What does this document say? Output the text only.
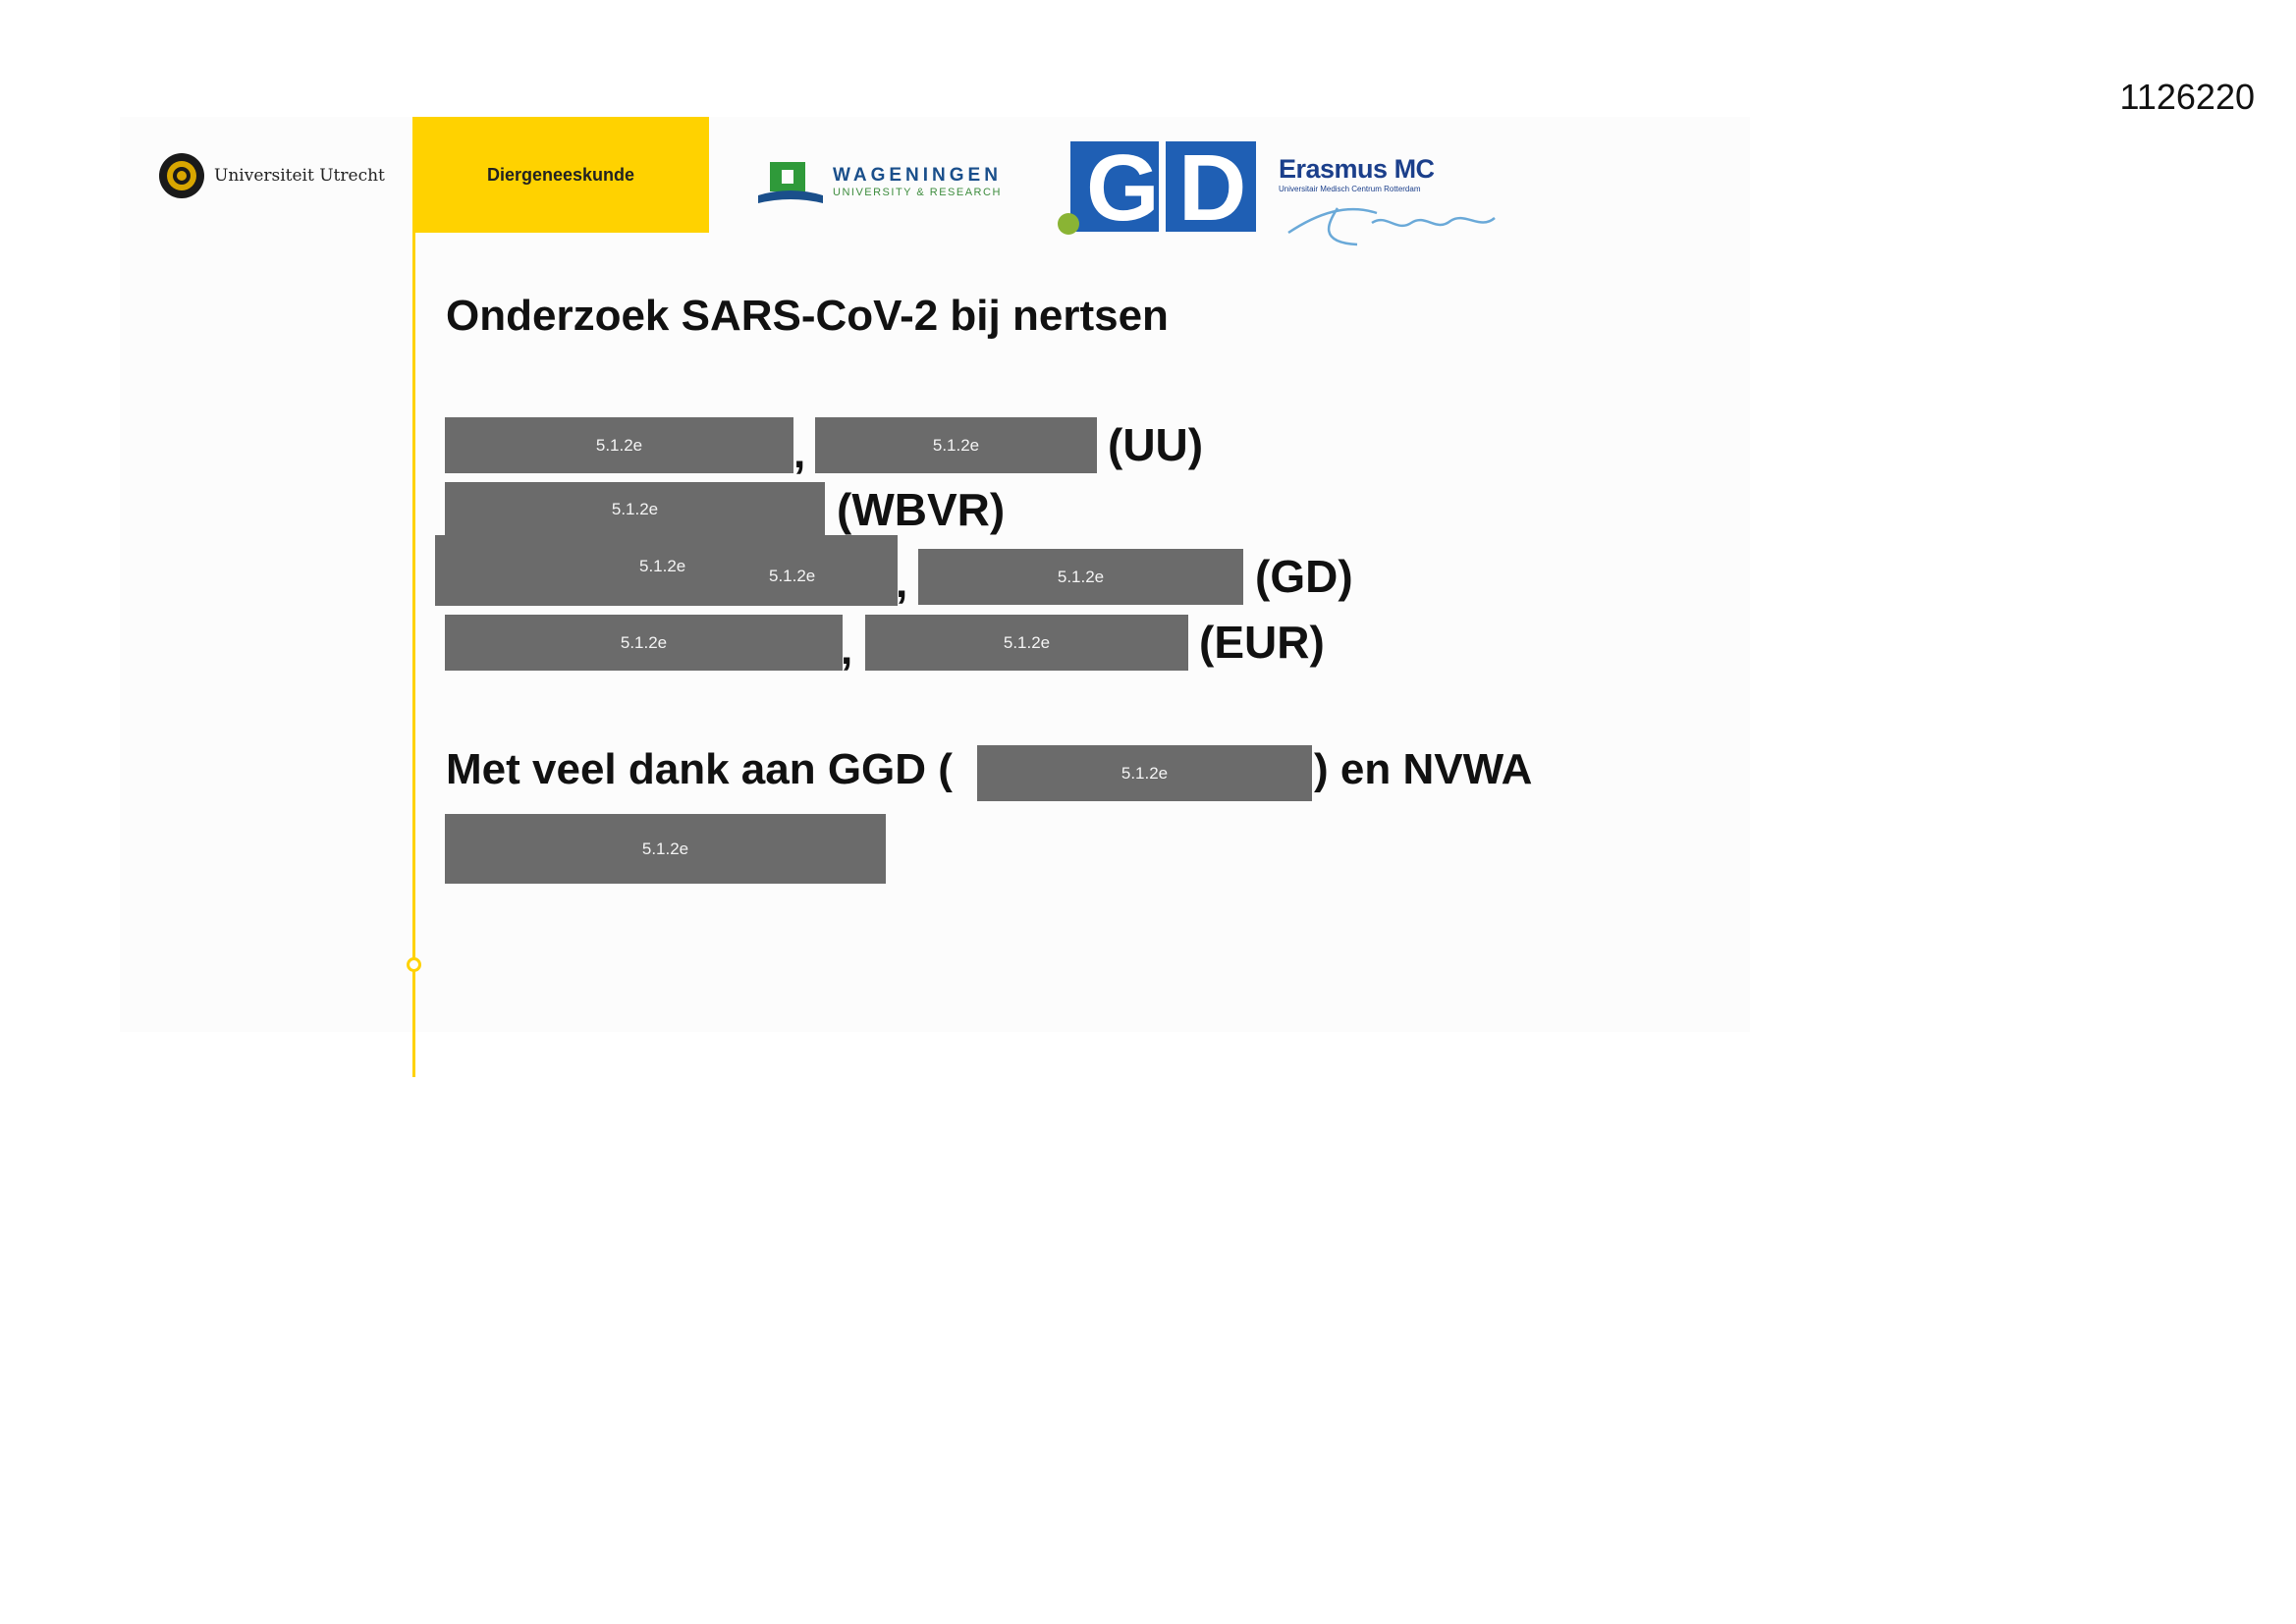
1126220
Universiteit Utrecht	Diergeneeskunde	WAGENINGEN
UNIVERSITY & RESEARCH G D Erasmus MC
Universitair Medisch Centrum Rotterdam
Onderzoek SARS-CoV-2 bij nertsen
5.1.2e	,	5.1.2e	(UU)
5.1.2e	(WBVR)
5.1.2e
5.1.2e ,	5.1.2e	(GD)
5.1.2e	,	5.1.2e	(EUR)
Met veel dank aan GGD (	5.1.2e	) en NVWA
5.1.2e
